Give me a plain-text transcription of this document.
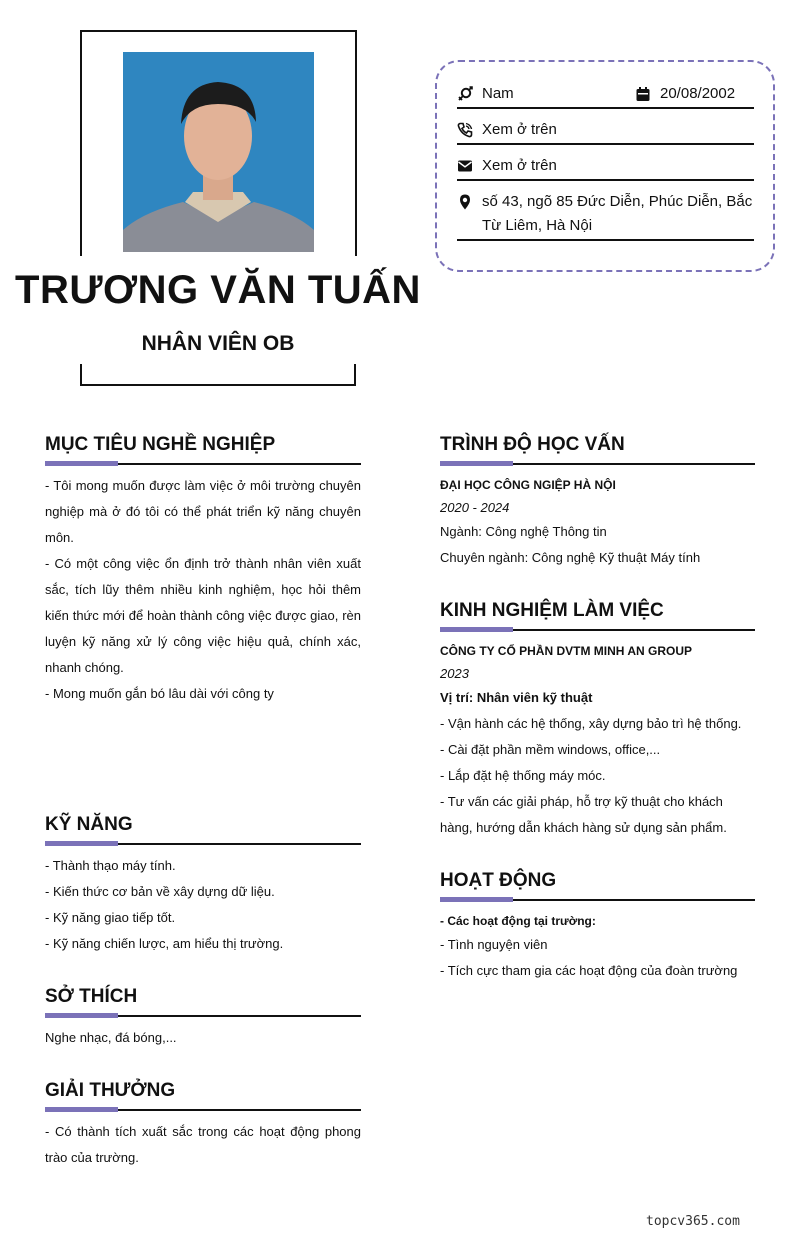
TRƯƠNG VĂN TUẤN
NHÂN VIÊN OB
Nam	20/08/2002
Xem ở trên
Xem ở trên
số 43, ngõ 85 Đức Diễn, Phúc Diễn, Bắc
Từ Liêm, Hà Nội
MỤC TIÊU NGHỀ NGHIỆP
- Tôi mong muốn được làm việc ở môi trường chuyên nghiệp mà ở đó tôi có thể phát triển kỹ năng chuyên môn.
- Có một công việc ổn định trở thành nhân viên xuất sắc, tích lũy thêm nhiều kinh nghiệm, học hỏi thêm kiến thức mới để hoàn thành công việc được giao, rèn luyện kỹ năng xử lý công việc hiệu quả, chính xác, nhanh chóng.
- Mong muốn gắn bó lâu dài với công ty
KỸ NĂNG
- Thành thạo máy tính.
- Kiến thức cơ bản về xây dựng dữ liệu.
- Kỹ năng giao tiếp tốt.
- Kỹ năng chiến lược, am hiểu thị trường.
SỞ THÍCH
Nghe nhạc, đá bóng,...
GIẢI THƯỞNG
- Có thành tích xuất sắc trong các hoạt động phong trào của trường.
TRÌNH ĐỘ HỌC VẤN
ĐẠI HỌC CÔNG NGIỆP HÀ NỘI
2020 - 2024
Ngành: Công nghệ Thông tin
Chuyên ngành: Công nghệ Kỹ thuật Máy tính
KINH NGHIỆM LÀM VIỆC
CÔNG TY CỔ PHẦN DVTM MINH AN GROUP
2023
Vị trí: Nhân viên kỹ thuật
- Vận hành các hệ thống, xây dựng bảo trì hệ thống.
- Cài đặt phần mềm windows, office,...
- Lắp đặt hệ thống máy móc.
- Tư vấn các giải pháp, hỗ trợ kỹ thuật cho khách hàng, hướng dẫn khách hàng sử dụng sản phẩm.
HOẠT ĐỘNG
- Các hoạt động tại trường:
- Tình nguyện viên
- Tích cực tham gia các hoạt động của đoàn trường
topcv365.com
